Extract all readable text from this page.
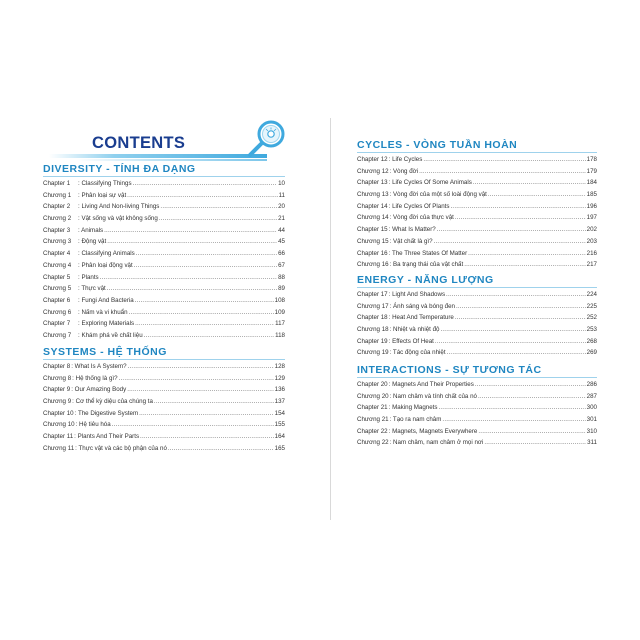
CONTENTS
DIVERSITY - TÍNH ĐA DẠNG
Chapter 1	: Classifying Things .....	10
Chương 1	: Phân loại sự vật .....	11
Chapter 2	: Living And Non-living Things .....	20
Chương 2	: Vật sống và vật không sống .....	21
Chapter 3	: Animals .....	44
Chương 3	: Động vật .....	45
Chapter 4	: Classifying Animals .....	66
Chương 4	: Phân loại động vật .....	67
Chapter 5	: Plants .....	88
Chương 5	: Thực vật .....	89
Chapter 6	: Fungi And Bacteria .....	108
Chương 6	: Nấm và vi khuẩn .....	109
Chapter 7	: Exploring Materials .....	117
Chương 7	: Khám phá về chất liệu .....	118
SYSTEMS - HỆ THỐNG
Chapter 8 : What Is A System? .....	128
Chương 8 : Hệ thống là gì? .....	129
Chapter 9 : Our Amazing Body .....	136
Chương 9 : Cơ thể kỳ diệu của chúng ta .....	137
Chapter 10 : The Digestive System .....	154
Chương 10 : Hệ tiêu hóa .....	155
Chapter 11 : Plants And Their Parts .....	164
Chương 11 : Thực vật và các bộ phận của nó .....	165
CYCLES - VÒNG TUẦN HOÀN
Chapter 12 : Life Cycles .....	178
Chương 12 : Vòng đời .....	179
Chapter 13 : Life Cycles Of Some Animals .....	184
Chương 13 : Vòng đời của một số loài động vật .....	185
Chapter 14 : Life Cycles Of Plants .....	196
Chương 14 : Vòng đời của thực vật .....	197
Chapter 15 : What Is Matter? .....	202
Chương 15 : Vật chất là gì? .....	203
Chapter 16 : The Three States Of Matter .....	216
Chương 16 : Ba trạng thái của vật chất .....	217
ENERGY - NĂNG LƯỢNG
Chapter 17 : Light And Shadows .....	224
Chương 17 : Ánh sáng và bóng đen .....	225
Chapter 18 : Heat And Temperature .....	252
Chương 18 : Nhiệt và nhiệt độ .....	253
Chapter 19 : Effects Of Heat .....	268
Chương 19 : Tác động của nhiệt .....	269
INTERACTIONS - SỰ TƯƠNG TÁC
Chapter 20 : Magnets And Their Properties .....	286
Chương 20 : Nam châm và tính chất của nó .....	287
Chapter 21 : Making Magnets .....	300
Chương 21 : Tạo ra nam châm .....	301
Chapter 22 : Magnets, Magnets Everywhere .....	310
Chương 22 : Nam châm, nam châm ở mọi nơi .....	311
